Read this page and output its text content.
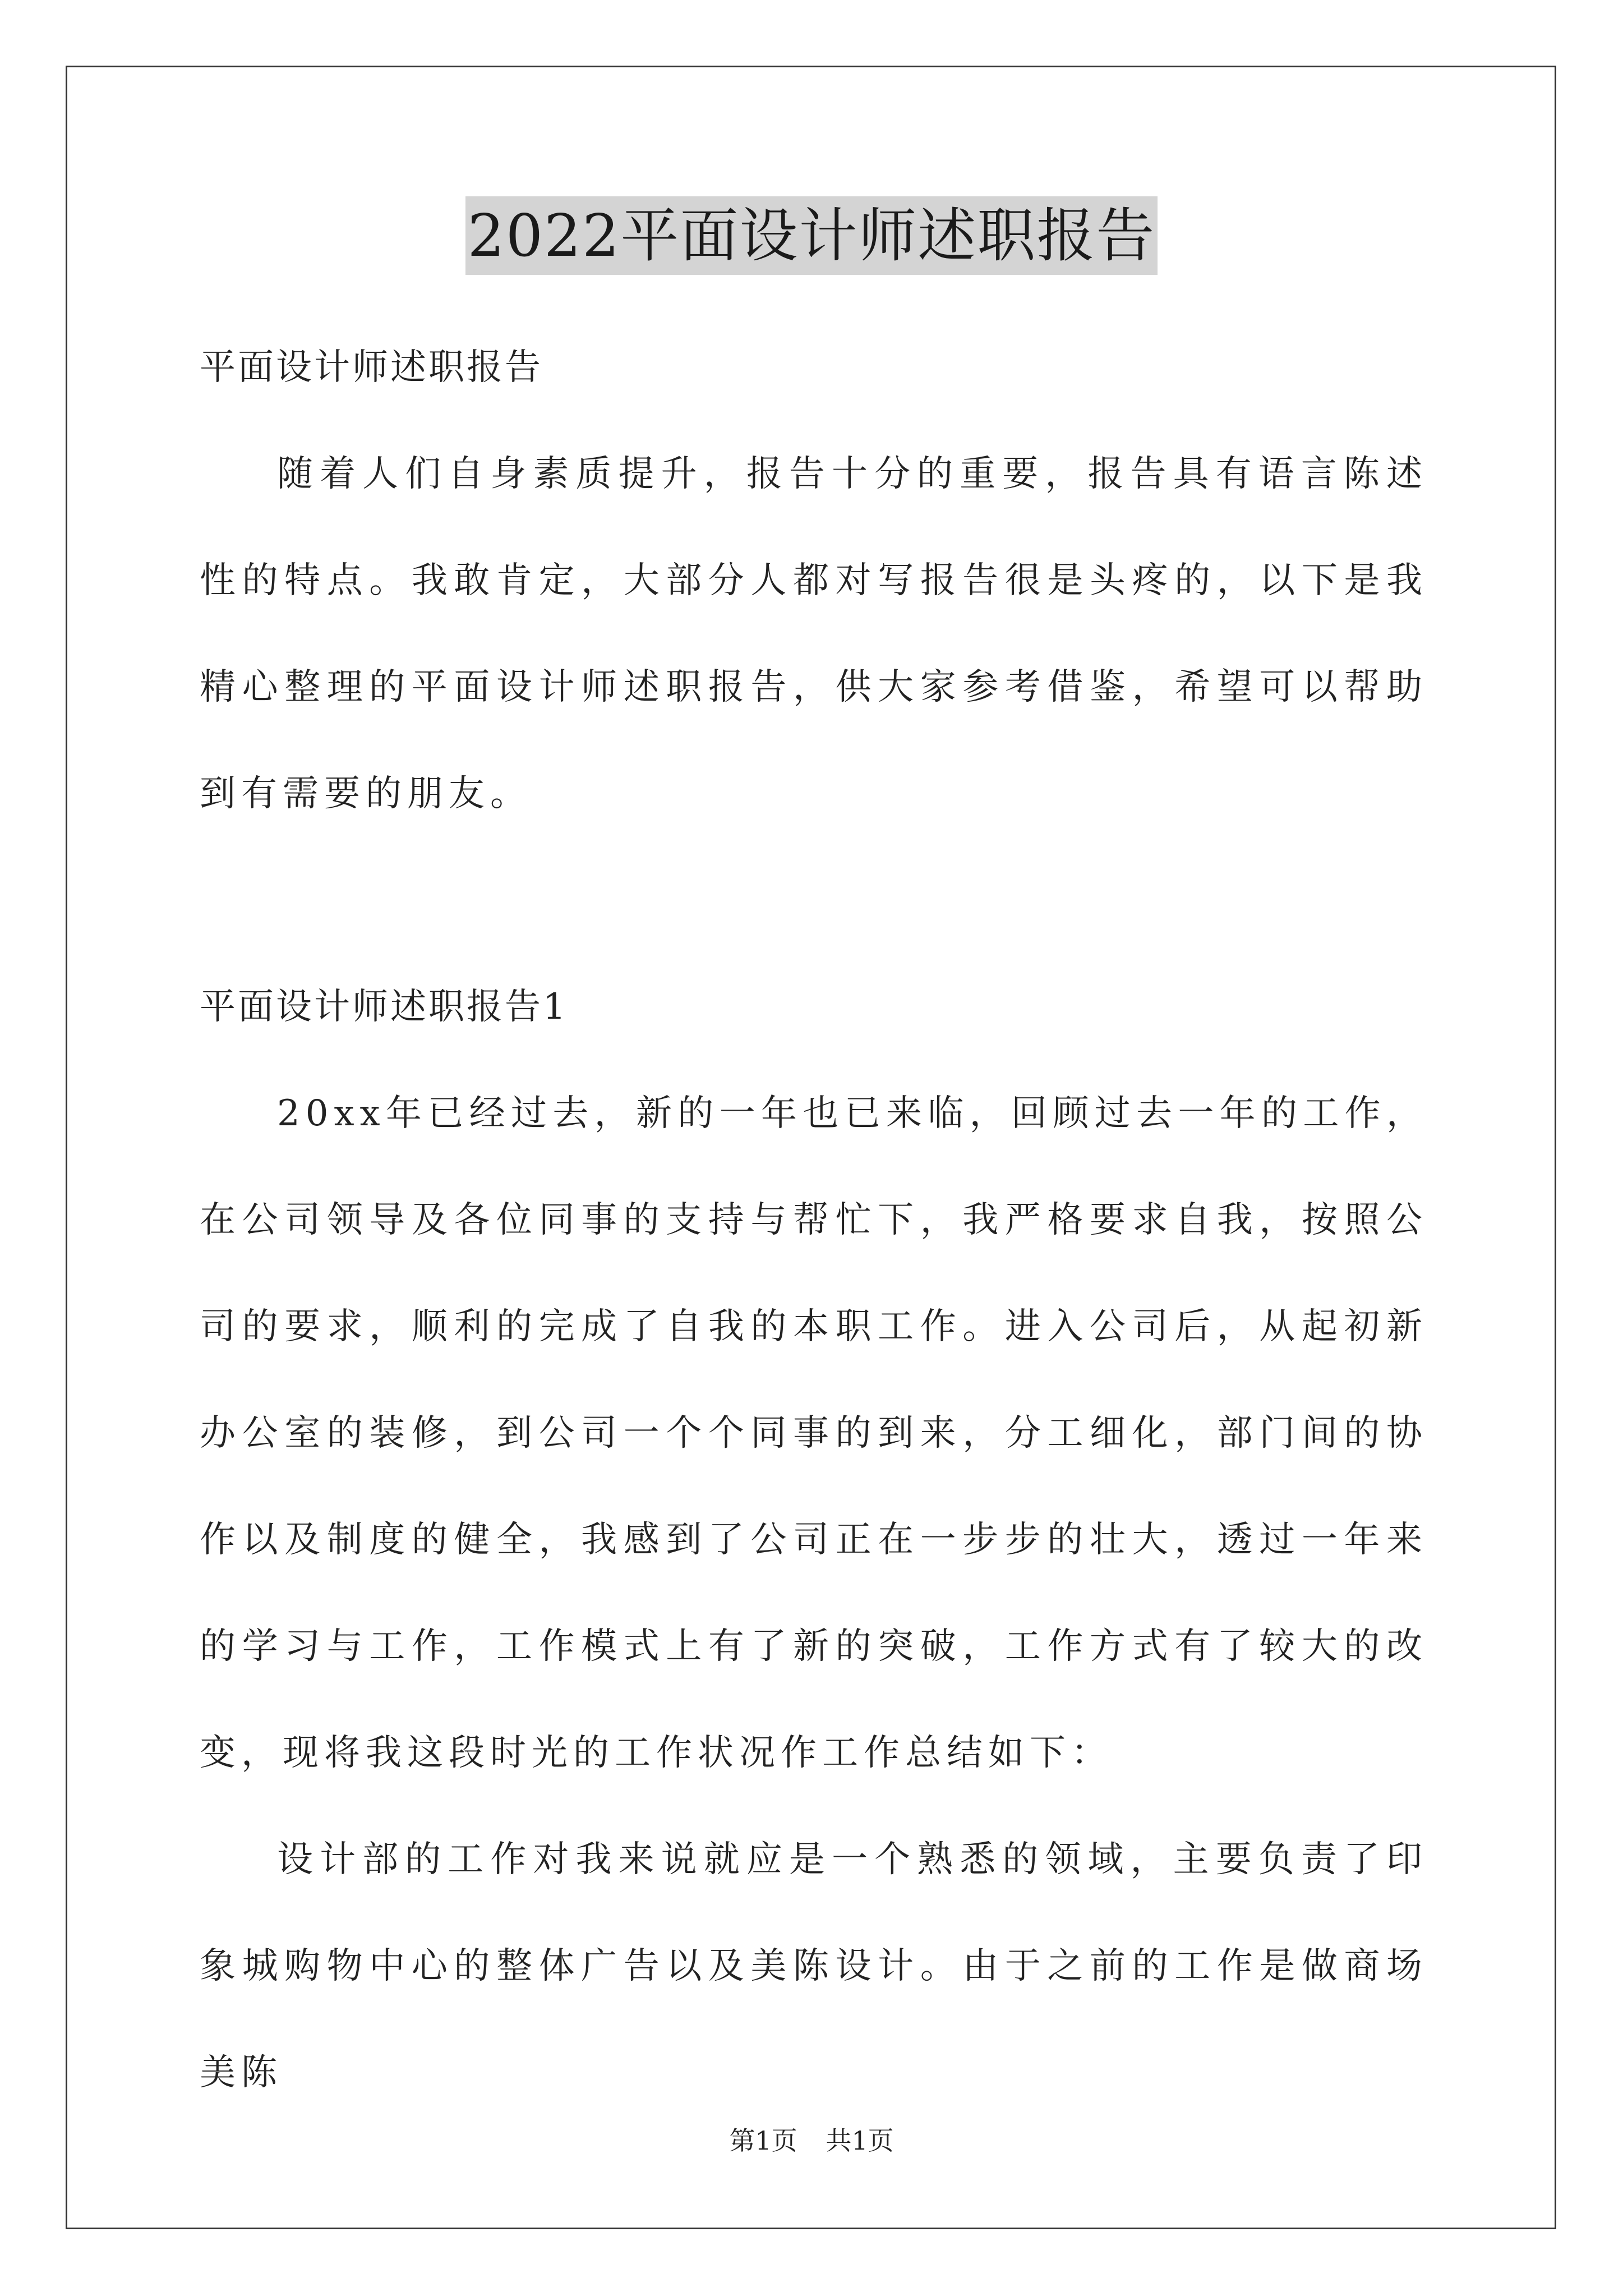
2022平面设计师述职报告

平面设计师述职报告

随着人们自身素质提升，报告十分的重要，报告具有语言陈述性的特点。我敢肯定，大部分人都对写报告很是头疼的，以下是我精心整理的平面设计师述职报告，供大家参考借鉴，希望可以帮助到有需要的朋友。

平面设计师述职报告1

20xx年已经过去，新的一年也已来临，回顾过去一年的工作，在公司领导及各位同事的支持与帮忙下，我严格要求自我，按照公司的要求，顺利的完成了自我的本职工作。进入公司后，从起初新办公室的装修，到公司一个个同事的到来，分工细化，部门间的协作以及制度的健全，我感到了公司正在一步步的壮大，透过一年来的学习与工作，工作模式上有了新的突破，工作方式有了较大的改变，现将我这段时光的工作状况作工作总结如下：

设计部的工作对我来说就应是一个熟悉的领域，主要负责了印象城购物中心的整体广告以及美陈设计。由于之前的工作是做商场美陈

第1页 共1页
